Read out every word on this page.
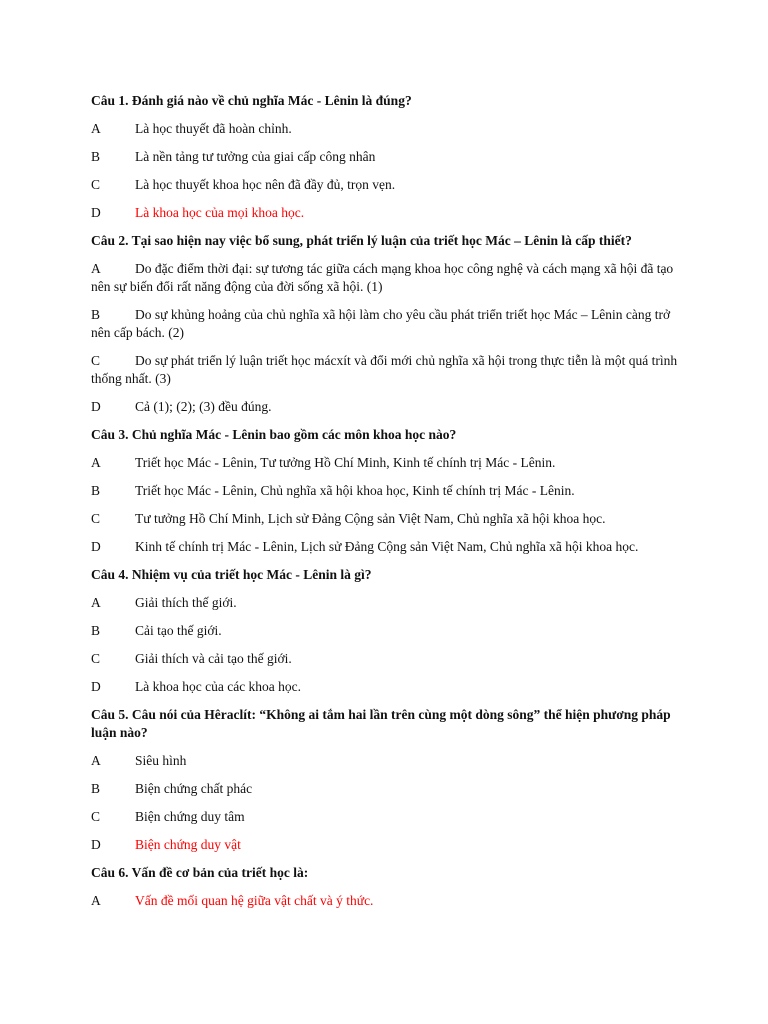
Câu 1. Đánh giá nào về chủ nghĩa Mác - Lênin là đúng?

A	Là học thuyết đã hoàn chỉnh.
B	Là nền tảng tư tưởng của giai cấp công nhân
C	Là học thuyết khoa học nên đã đầy đủ, trọn vẹn.
D	Là khoa học của mọi khoa học.

Câu 2. Tại sao hiện nay việc bổ sung, phát triển lý luận của triết học Mác – Lênin là cấp thiết?

A	Do đặc điểm thời đại: sự tương tác giữa cách mạng khoa học công nghệ và cách mạng xã hội đã tạo nên sự biến đổi rất năng động của đời sống xã hội. (1)
B	Do sự khủng hoảng của chủ nghĩa xã hội làm cho yêu cầu phát triển triết học Mác – Lênin càng trở nên cấp bách. (2)
C	Do sự phát triển lý luận triết học mácxít và đổi mới chủ nghĩa xã hội trong thực tiễn là một quá trình thống nhất. (3)
D	Cả (1); (2); (3) đều đúng.

Câu 3. Chủ nghĩa Mác - Lênin bao gồm các môn khoa học nào?

A	Triết học Mác - Lênin, Tư tưởng Hồ Chí Minh, Kinh tế chính trị Mác - Lênin.
B	Triết học Mác - Lênin, Chủ nghĩa xã hội khoa học, Kinh tế chính trị Mác - Lênin.
C	Tư tưởng Hồ Chí Minh, Lịch sử Đảng Cộng sản Việt Nam, Chủ nghĩa xã hội khoa học.
D	Kinh tế chính trị Mác - Lênin, Lịch sử Đảng Cộng sản Việt Nam, Chủ nghĩa xã hội khoa học.

Câu 4. Nhiệm vụ của triết học Mác - Lênin là gì?

A	Giải thích thế giới.
B	Cải tạo thế giới.
C	Giải thích và cải tạo thế giới.
D	Là khoa học của các khoa học.

Câu 5. Câu nói của Hêraclít: “Không ai tắm hai lần trên cùng một dòng sông” thể hiện phương pháp luận nào?

A	Siêu hình
B	Biện chứng chất phác
C	Biện chứng duy tâm
D	Biện chứng duy vật

Câu 6. Vấn đề cơ bản của triết học là:

A	Vấn đề mối quan hệ giữa vật chất và ý thức.
